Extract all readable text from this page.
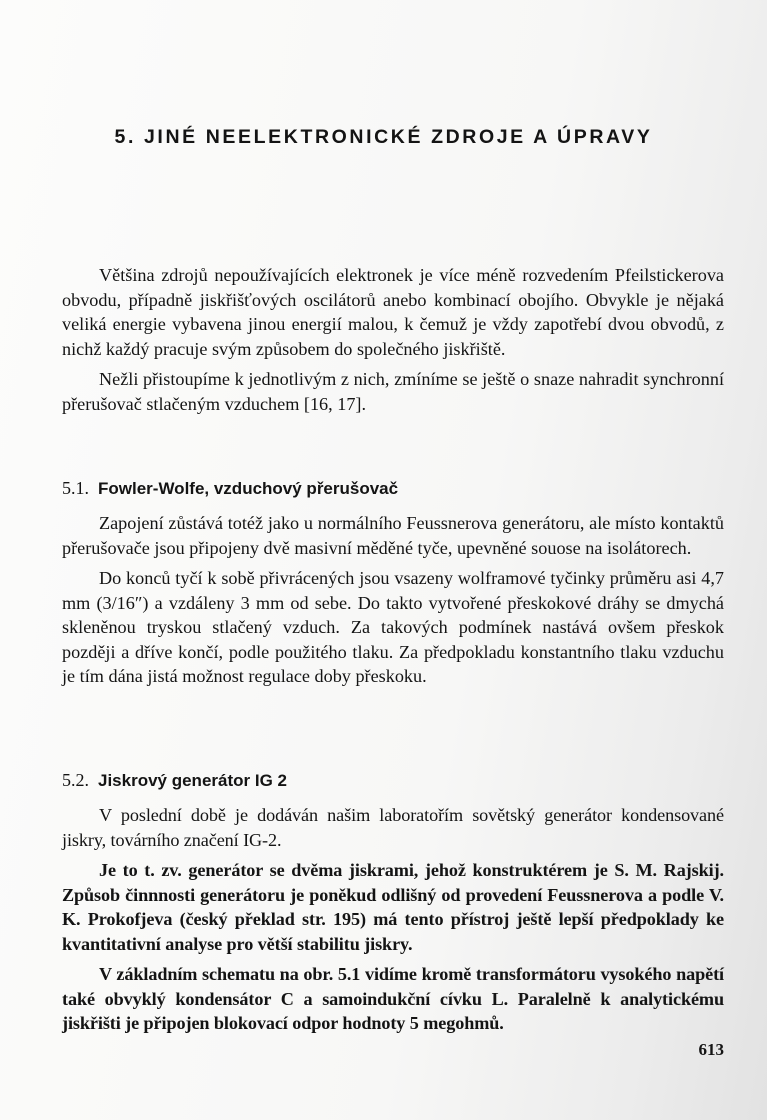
5. JINÉ NEELEKTRONICKÉ ZDROJE A ÚPRAVY

Většina zdrojů nepoužívajících elektronek je více méně rozvedením Pfeilstickerova obvodu, případně jiskřišťových oscilátorů anebo kombinací obojího. Obvykle je nějaká veliká energie vybavena jinou energií malou, k čemuž je vždy zapotřebí dvou obvodů, z nichž každý pracuje svým způsobem do společného jiskřiště.

Nežli přistoupíme k jednotlivým z nich, zmíníme se ještě o snaze nahradit synchronní přerušovač stlačeným vzduchem [16, 17].

5.1. Fowler-Wolfe, vzduchový přerušovač

Zapojení zůstává totéž jako u normálního Feussnerova generátoru, ale místo kontaktů přerušovače jsou připojeny dvě masivní měděné tyče, upevněné souose na isolátorech.

Do konců tyčí k sobě přivrácených jsou vsazeny wolframové tyčinky průměru asi 4,7 mm (3/16″) a vzdáleny 3 mm od sebe. Do takto vytvořené přeskokové dráhy se dmychá skleněnou tryskou stlačený vzduch. Za takových podmínek nastává ovšem přeskok později a dříve končí, podle použitého tlaku. Za předpokladu konstantního tlaku vzduchu je tím dána jistá možnost regulace doby přeskoku.

5.2. Jiskrový generátor IG 2

V poslední době je dodáván našim laboratořím sovětský generátor kondensované jiskry, továrního značení IG-2.

Je to t. zv. generátor se dvěma jiskrami, jehož konstruktérem je S. M. Rajskij. Způsob činnnosti generátoru je poněkud odlišný od provedení Feussnerova a podle V. K. Prokofjeva (český překlad str. 195) má tento přístroj ještě lepší předpoklady ke kvantitativní analyse pro větší stabilitu jiskry.

V základním schematu na obr. 5.1 vidíme kromě transformátoru vysokého napětí také obvyklý kondensátor C a samoindukční cívku L. Paralelně k analytickému jiskřišti je připojen blokovací odpor hodnoty 5 megohmů.

613
